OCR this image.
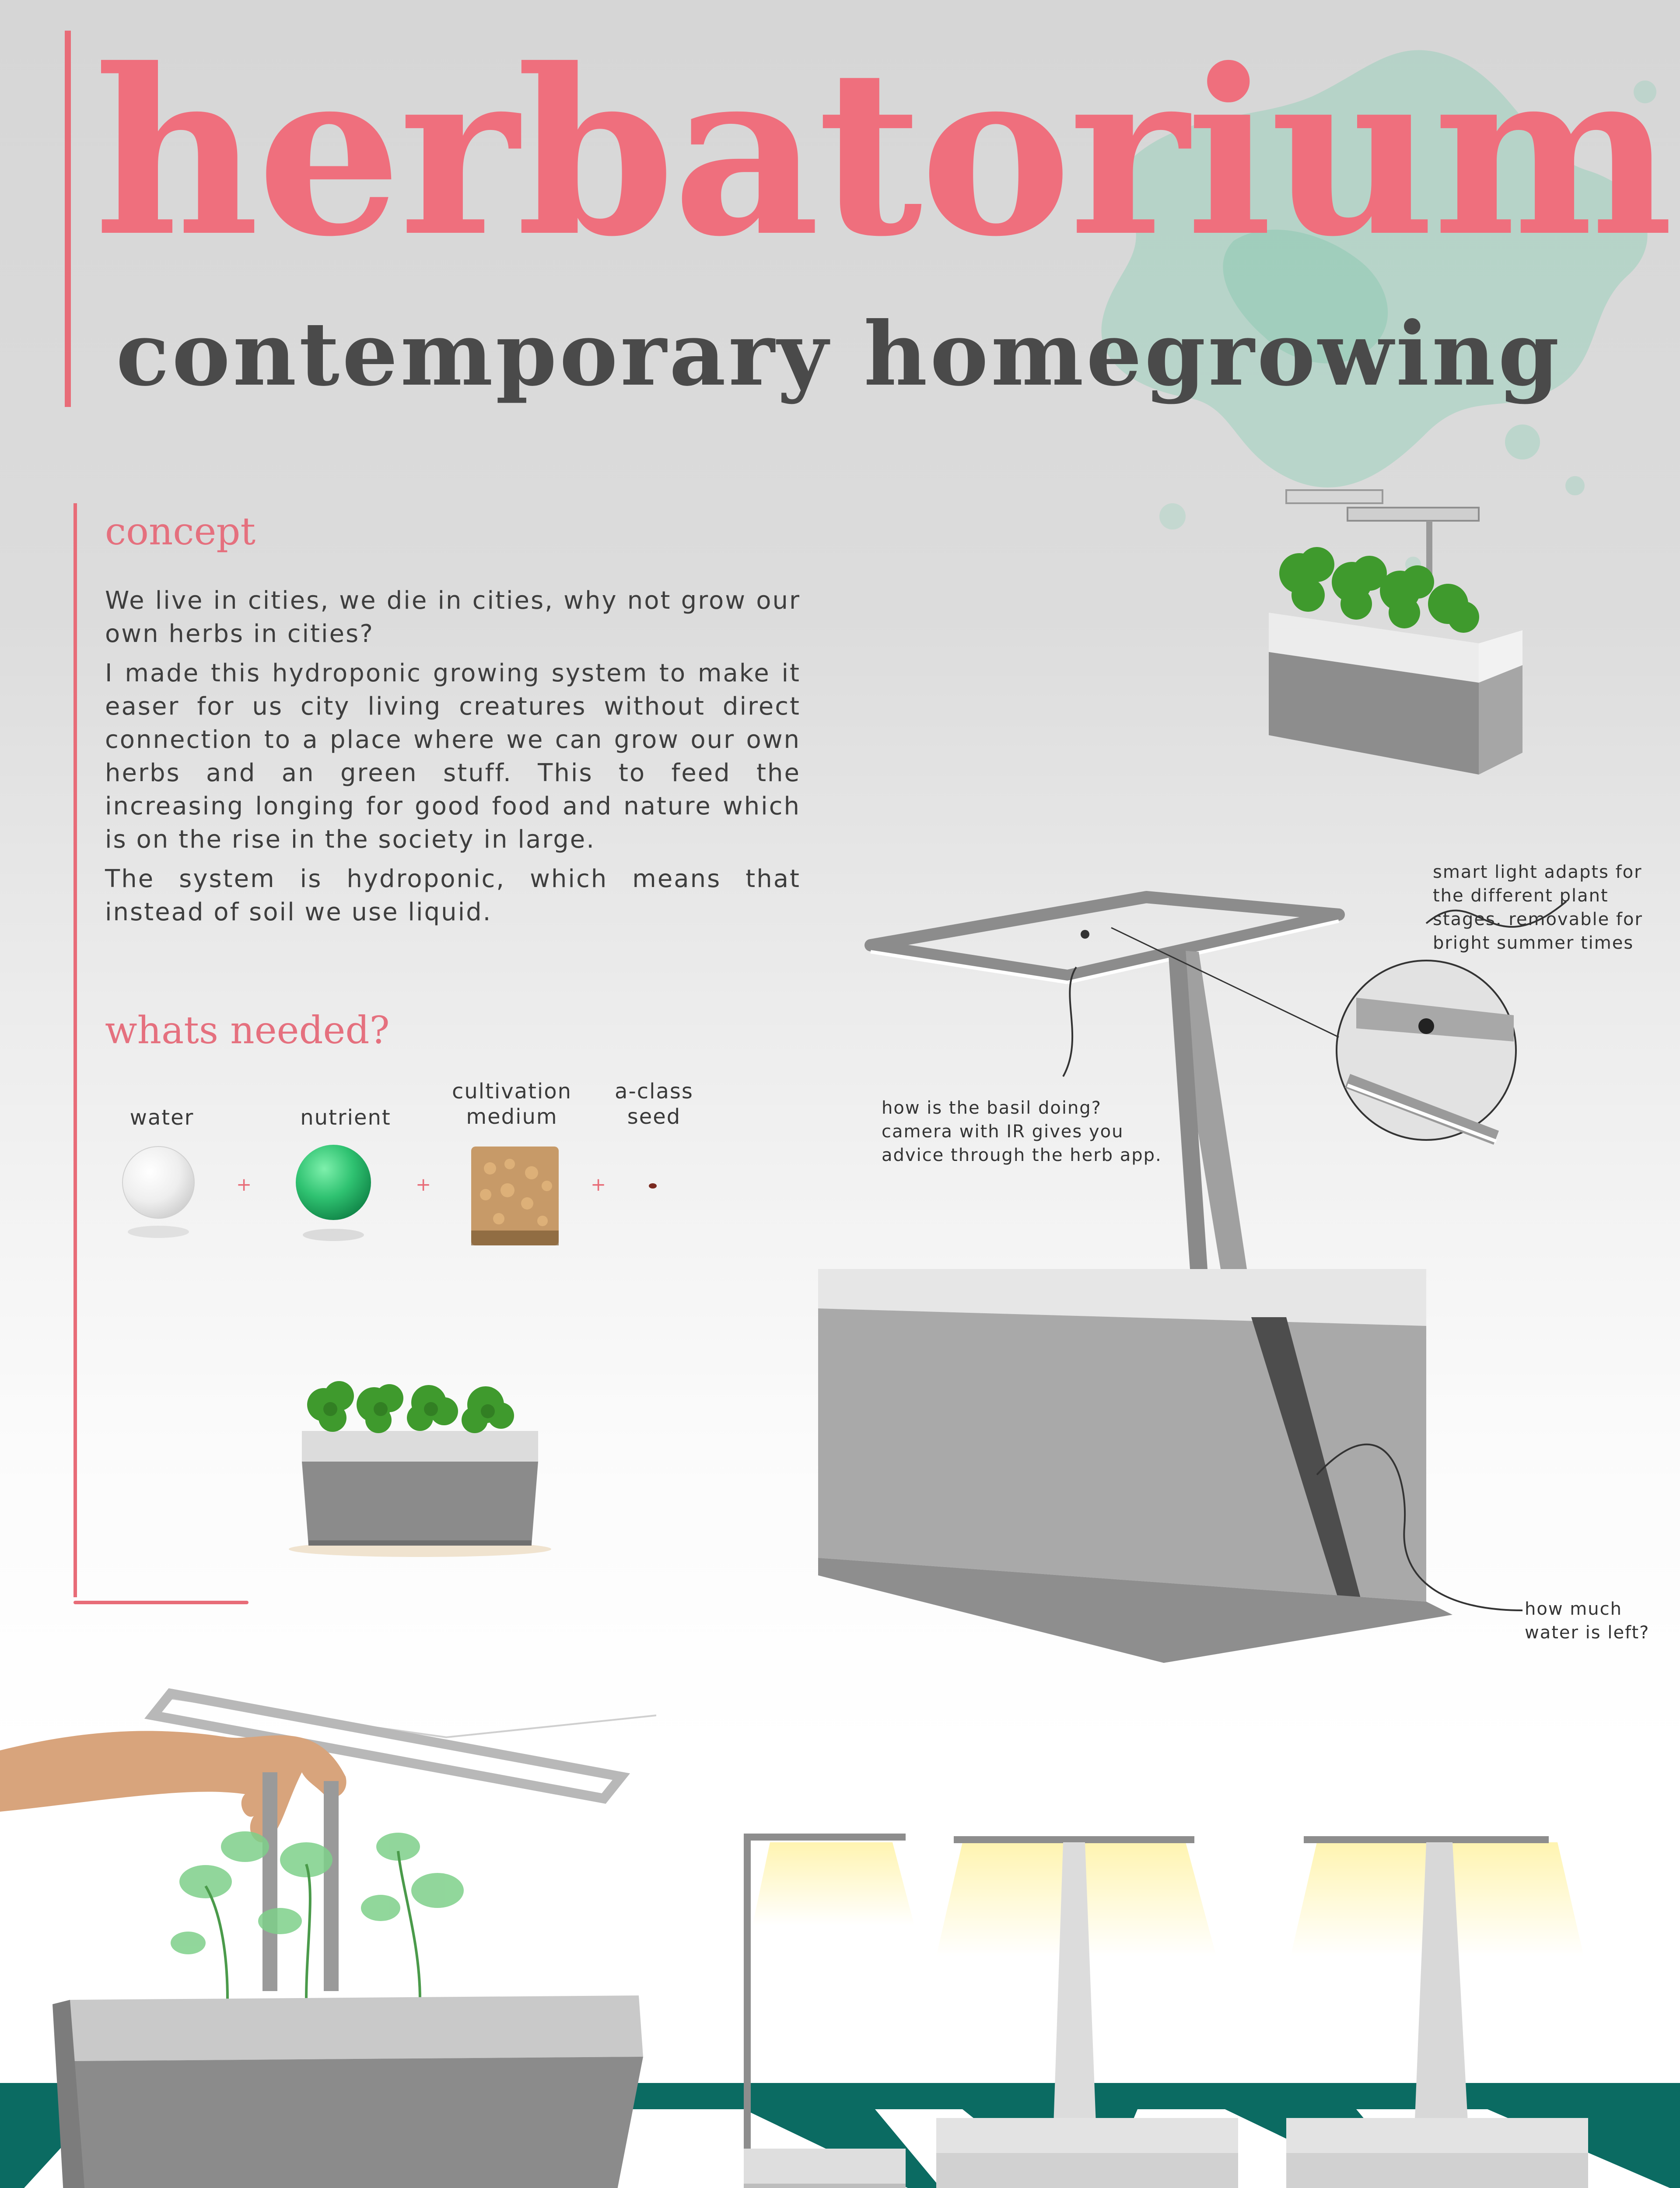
herbatorium
contemporary homegrowing
concept

We live in cities, we die in cities, why not grow our own herbs in cities?

I made this hydroponic growing system to make it easer for us city living creatures without direct connection to a place where we can grow our own herbs and an green stuff. This to feed the increasing longing for good food and nature which is on the rise in the society in large.

The system is hydroponic, which means that instead of soil we use liquid.

whats needed?
water	nutrient
cultivation
medium
a-class
seed
+	+	+
smart light adapts for
the different plant
stages. removable for
bright summer times
how is the basil doing?
camera with IR gives you
advice through the herb app.
how much
water is left?
